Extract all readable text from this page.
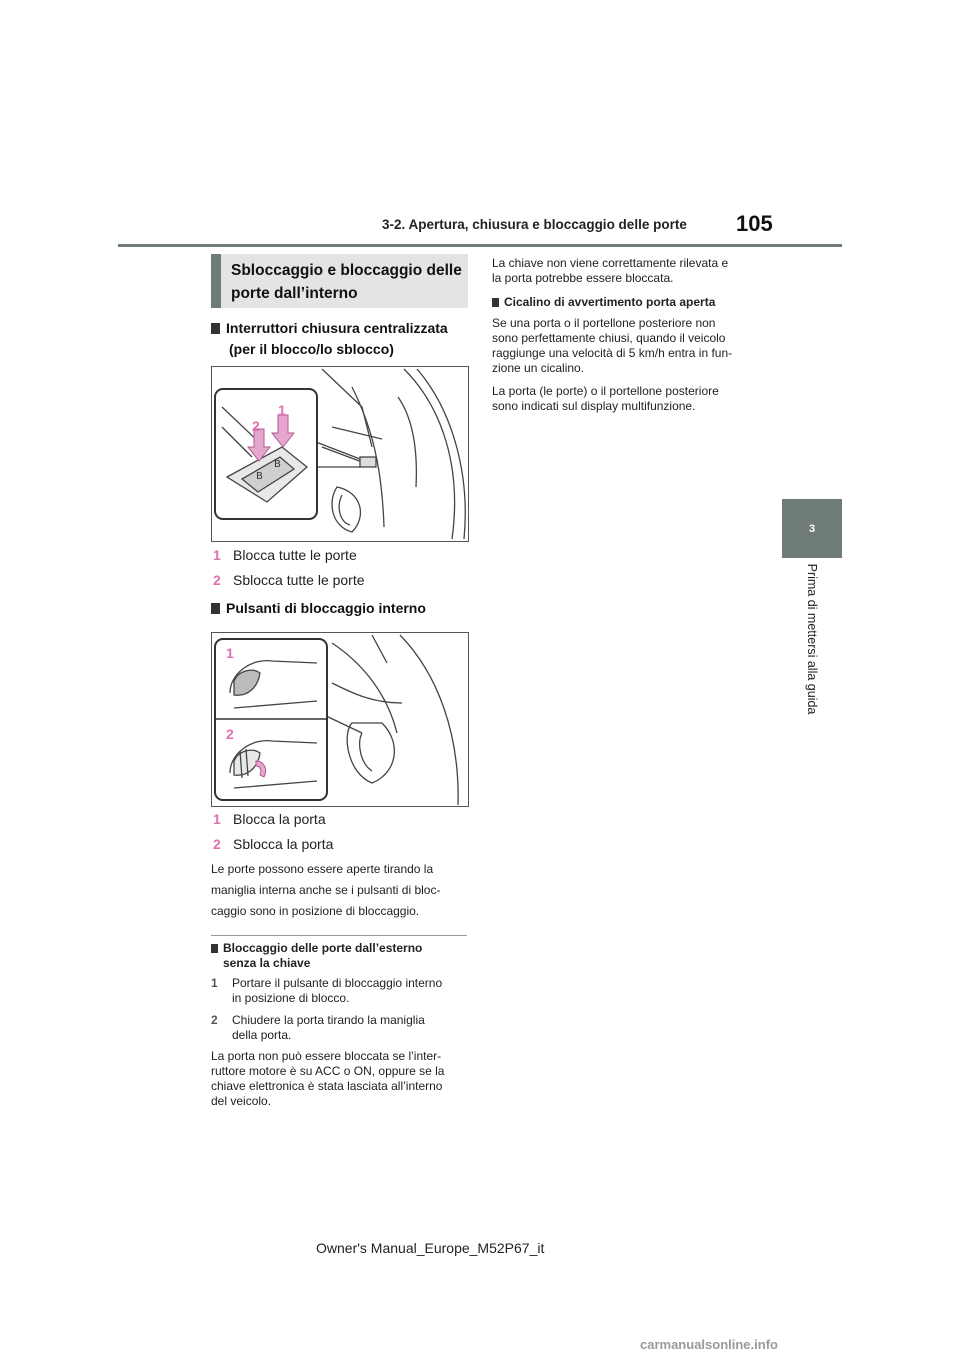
3-2. Apertura, chiusura e bloccaggio delle porte 105
3
Prima di mettersi alla guida
Sbloccaggio e bloccaggio delle
porte dall’interno
Interruttori chiusura centralizzata
(per il blocco/lo sblocco)
B
B
2
1
1 Blocca tutte le porte
2 Sblocca tutte le porte
Pulsanti di bloccaggio interno
1
2
1 Blocca la porta
2 Sblocca la porta
Le porte possono essere aperte tirando la
maniglia interna anche se i pulsanti di bloc-
caggio sono in posizione di bloccaggio.
Bloccaggio delle porte dall’esterno
senza la chiave
1 Portare il pulsante di bloccaggio interno
in posizione di blocco.
2 Chiudere la porta tirando la maniglia
della porta.
La porta non può essere bloccata se l’inter-
ruttore motore è su ACC o ON, oppure se la
chiave elettronica è stata lasciata all’interno
del veicolo.
La chiave non viene correttamente rilevata e
la porta potrebbe essere bloccata.
Cicalino di avvertimento porta aperta
Se una porta o il portellone posteriore non
sono perfettamente chiusi, quando il veicolo
raggiunge una velocità di 5 km/h entra in fun-
zione un cicalino.
La porta (le porte) o il portellone posteriore
sono indicati sul display multifunzione.
Owner's Manual_Europe_M52P67_it
carmanualsonline.info
